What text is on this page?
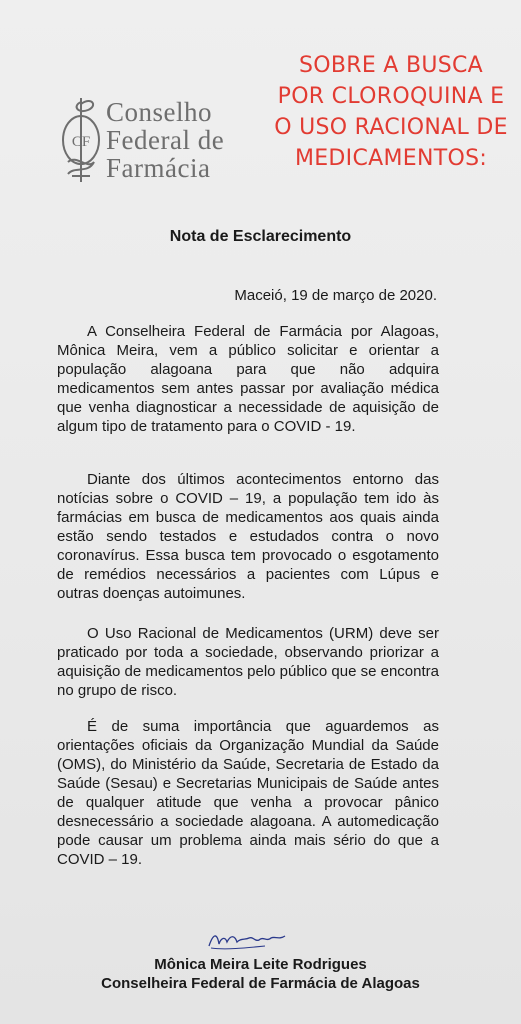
CF
Conselho
Federal de
Farmácia
SOBRE A BUSCA
POR CLOROQUINA E
O USO RACIONAL DE
MEDICAMENTOS:
Nota de Esclarecimento
Maceió, 19 de março de 2020.
A Conselheira Federal de Farmácia por Alagoas, Mônica Meira, vem a público solicitar e orientar a população alagoana para que não adquira medicamentos sem antes passar por avaliação médica que venha diagnosticar a necessidade de aquisição de algum tipo de tratamento para o COVID - 19.
Diante dos últimos acontecimentos entorno das notícias sobre o COVID – 19, a população tem ido às farmácias em busca de medicamentos aos quais ainda estão sendo testados e estudados contra o novo coronavírus. Essa busca tem provocado o esgotamento de remédios necessários a pacientes com Lúpus e outras doenças autoimunes.
O Uso Racional de Medicamentos (URM) deve ser praticado por toda a sociedade, observando priorizar a aquisição de medicamentos pelo público que se encontra no grupo de risco.
É de suma importância que aguardemos as orientações oficiais da Organização Mundial da Saúde (OMS), do Ministério da Saúde, Secretaria de Estado da Saúde (Sesau) e Secretarias Municipais de Saúde antes de qualquer atitude que venha a provocar pânico desnecessário a sociedade alagoana. A automedicação pode causar um problema ainda mais sério do que a COVID – 19.
Mônica Meira Leite Rodrigues
Conselheira Federal de Farmácia de Alagoas
